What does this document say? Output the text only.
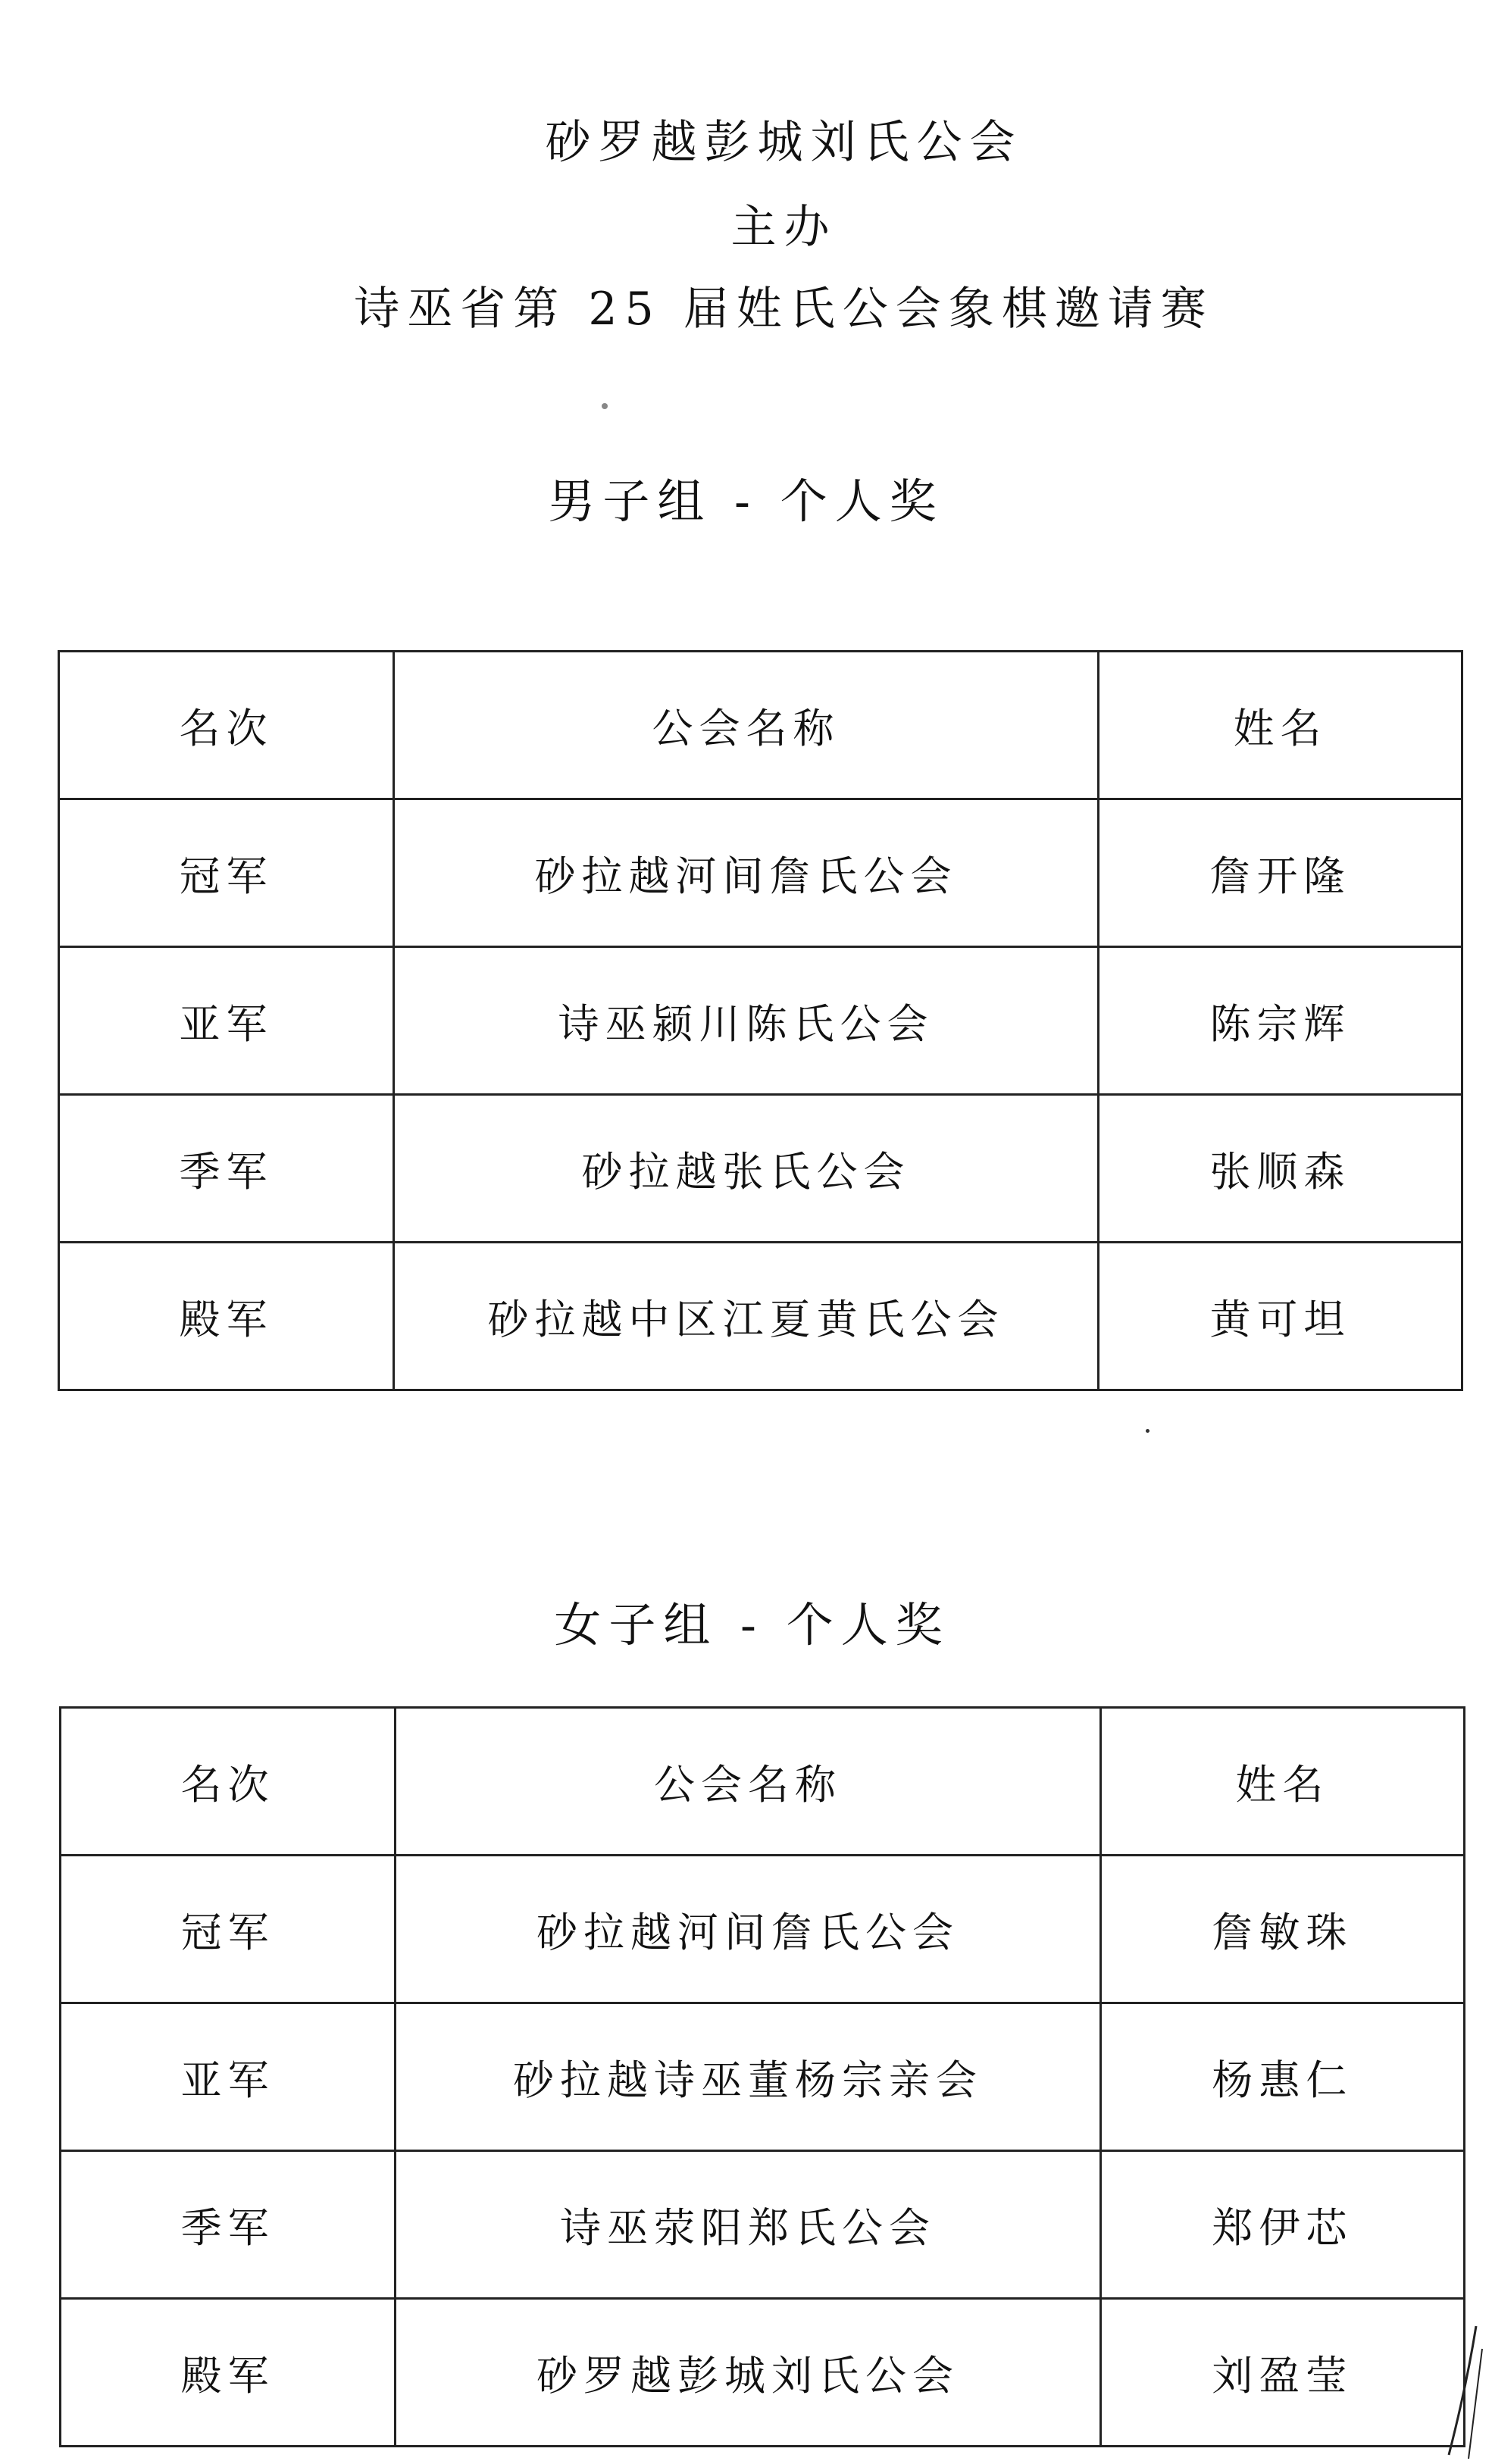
砂罗越彭城刘氏公会
主办
诗巫省第 25 届姓氏公会象棋邀请赛
男子组 - 个人奖
名次	公会名称	姓名
冠军	砂拉越河间詹氏公会	詹开隆
亚军	诗巫颍川陈氏公会	陈宗辉
季军	砂拉越张氏公会	张顺森
殿军	砂拉越中区江夏黄氏公会	黄可坦
女子组 - 个人奖
名次	公会名称	姓名
冠军	砂拉越河间詹氏公会	詹敏珠
亚军	砂拉越诗巫董杨宗亲会	杨惠仁
季军	诗巫荥阳郑氏公会	郑伊芯
殿军	砂罗越彭城刘氏公会	刘盈莹
